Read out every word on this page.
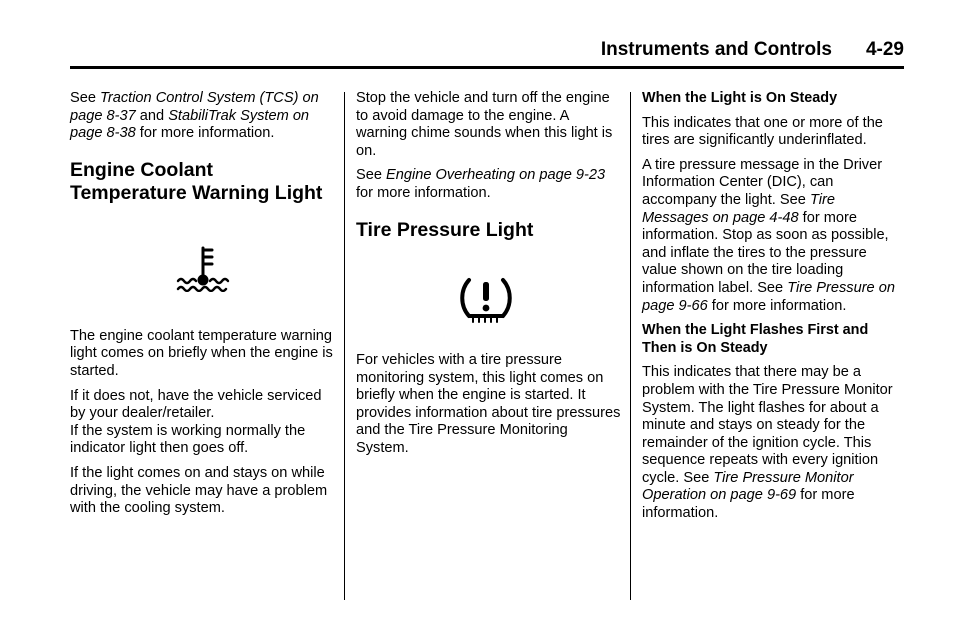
Instruments and Controls 4-29

See Traction Control System (TCS) on page 8-37 and StabiliTrak System on page 8-38 for more information.

Engine Coolant Temperature Warning Light

The engine coolant temperature warning light comes on briefly when the engine is started.

If it does not, have the vehicle serviced by your dealer/retailer.
If the system is working normally the indicator light then goes off.

If the light comes on and stays on while driving, the vehicle may have a problem with the cooling system.

Stop the vehicle and turn off the engine to avoid damage to the engine. A warning chime sounds when this light is on.

See Engine Overheating on page 9-23 for more information.

Tire Pressure Light

For vehicles with a tire pressure monitoring system, this light comes on briefly when the engine is started. It provides information about tire pressures and the Tire Pressure Monitoring System.

When the Light is On Steady

This indicates that one or more of the tires are significantly underinflated.

A tire pressure message in the Driver Information Center (DIC), can accompany the light. See Tire Messages on page 4-48 for more information. Stop as soon as possible, and inflate the tires to the pressure value shown on the tire loading information label. See Tire Pressure on page 9-66 for more information.

When the Light Flashes First and Then is On Steady

This indicates that there may be a problem with the Tire Pressure Monitor System. The light flashes for about a minute and stays on steady for the remainder of the ignition cycle. This sequence repeats with every ignition cycle. See Tire Pressure Monitor Operation on page 9-69 for more information.
